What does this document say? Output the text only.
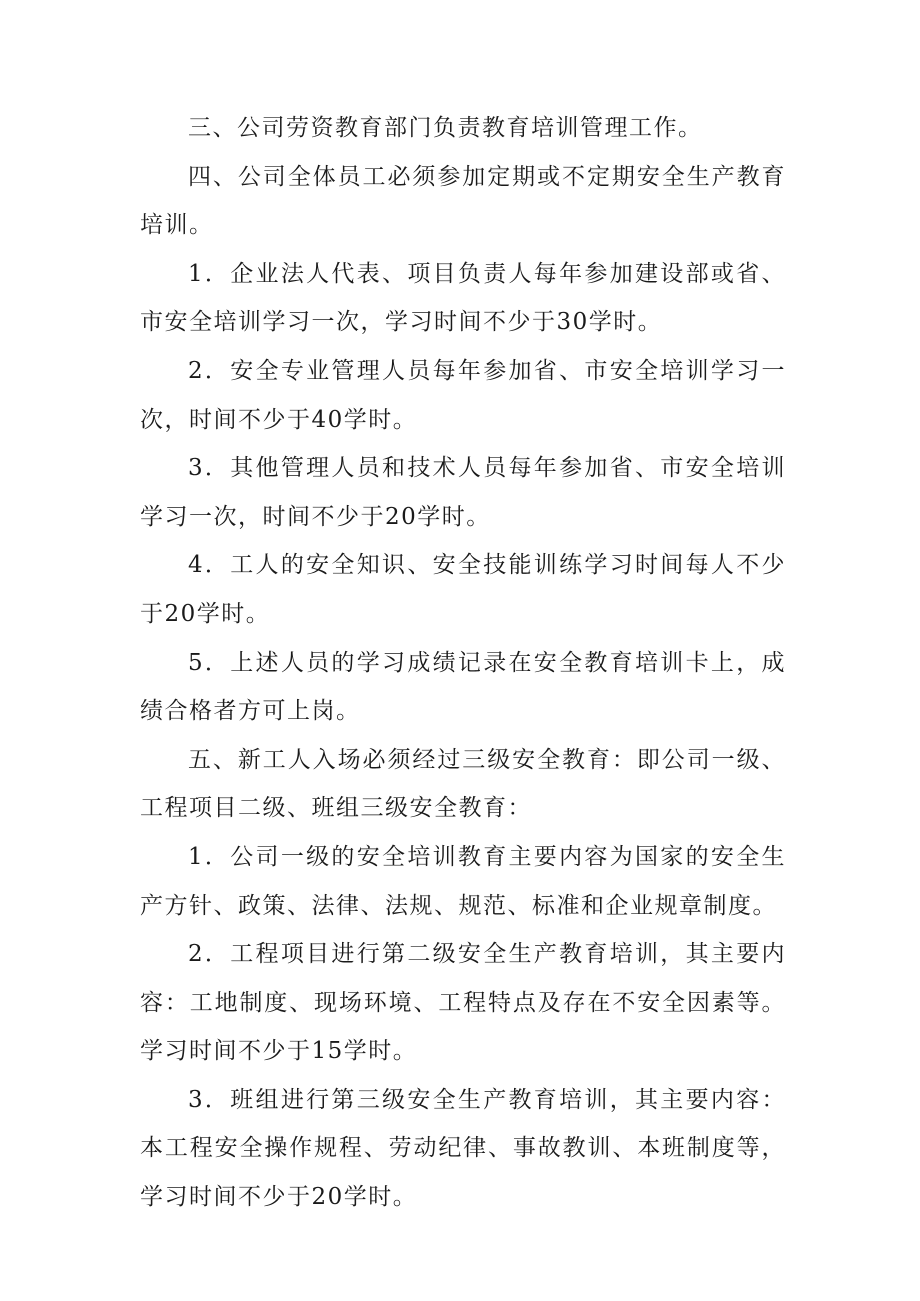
三、公司劳资教育部门负责教育培训管理工作。

四、公司全体员工必须参加定期或不定期安全生产教育培训。

1．企业法人代表、项目负责人每年参加建设部或省、市安全培训学习一次，学习时间不少于30学时。

2．安全专业管理人员每年参加省、市安全培训学习一次，时间不少于40学时。

3．其他管理人员和技术人员每年参加省、市安全培训学习一次，时间不少于20学时。

4．工人的安全知识、安全技能训练学习时间每人不少于20学时。

5．上述人员的学习成绩记录在安全教育培训卡上，成绩合格者方可上岗。

五、新工人入场必须经过三级安全教育：即公司一级、工程项目二级、班组三级安全教育：

1．公司一级的安全培训教育主要内容为国家的安全生产方针、政策、法律、法规、规范、标准和企业规章制度。

2．工程项目进行第二级安全生产教育培训，其主要内容：工地制度、现场环境、工程特点及存在不安全因素等。学习时间不少于15学时。

3．班组进行第三级安全生产教育培训，其主要内容：本工程安全操作规程、劳动纪律、事故教训、本班制度等，学习时间不少于20学时。
